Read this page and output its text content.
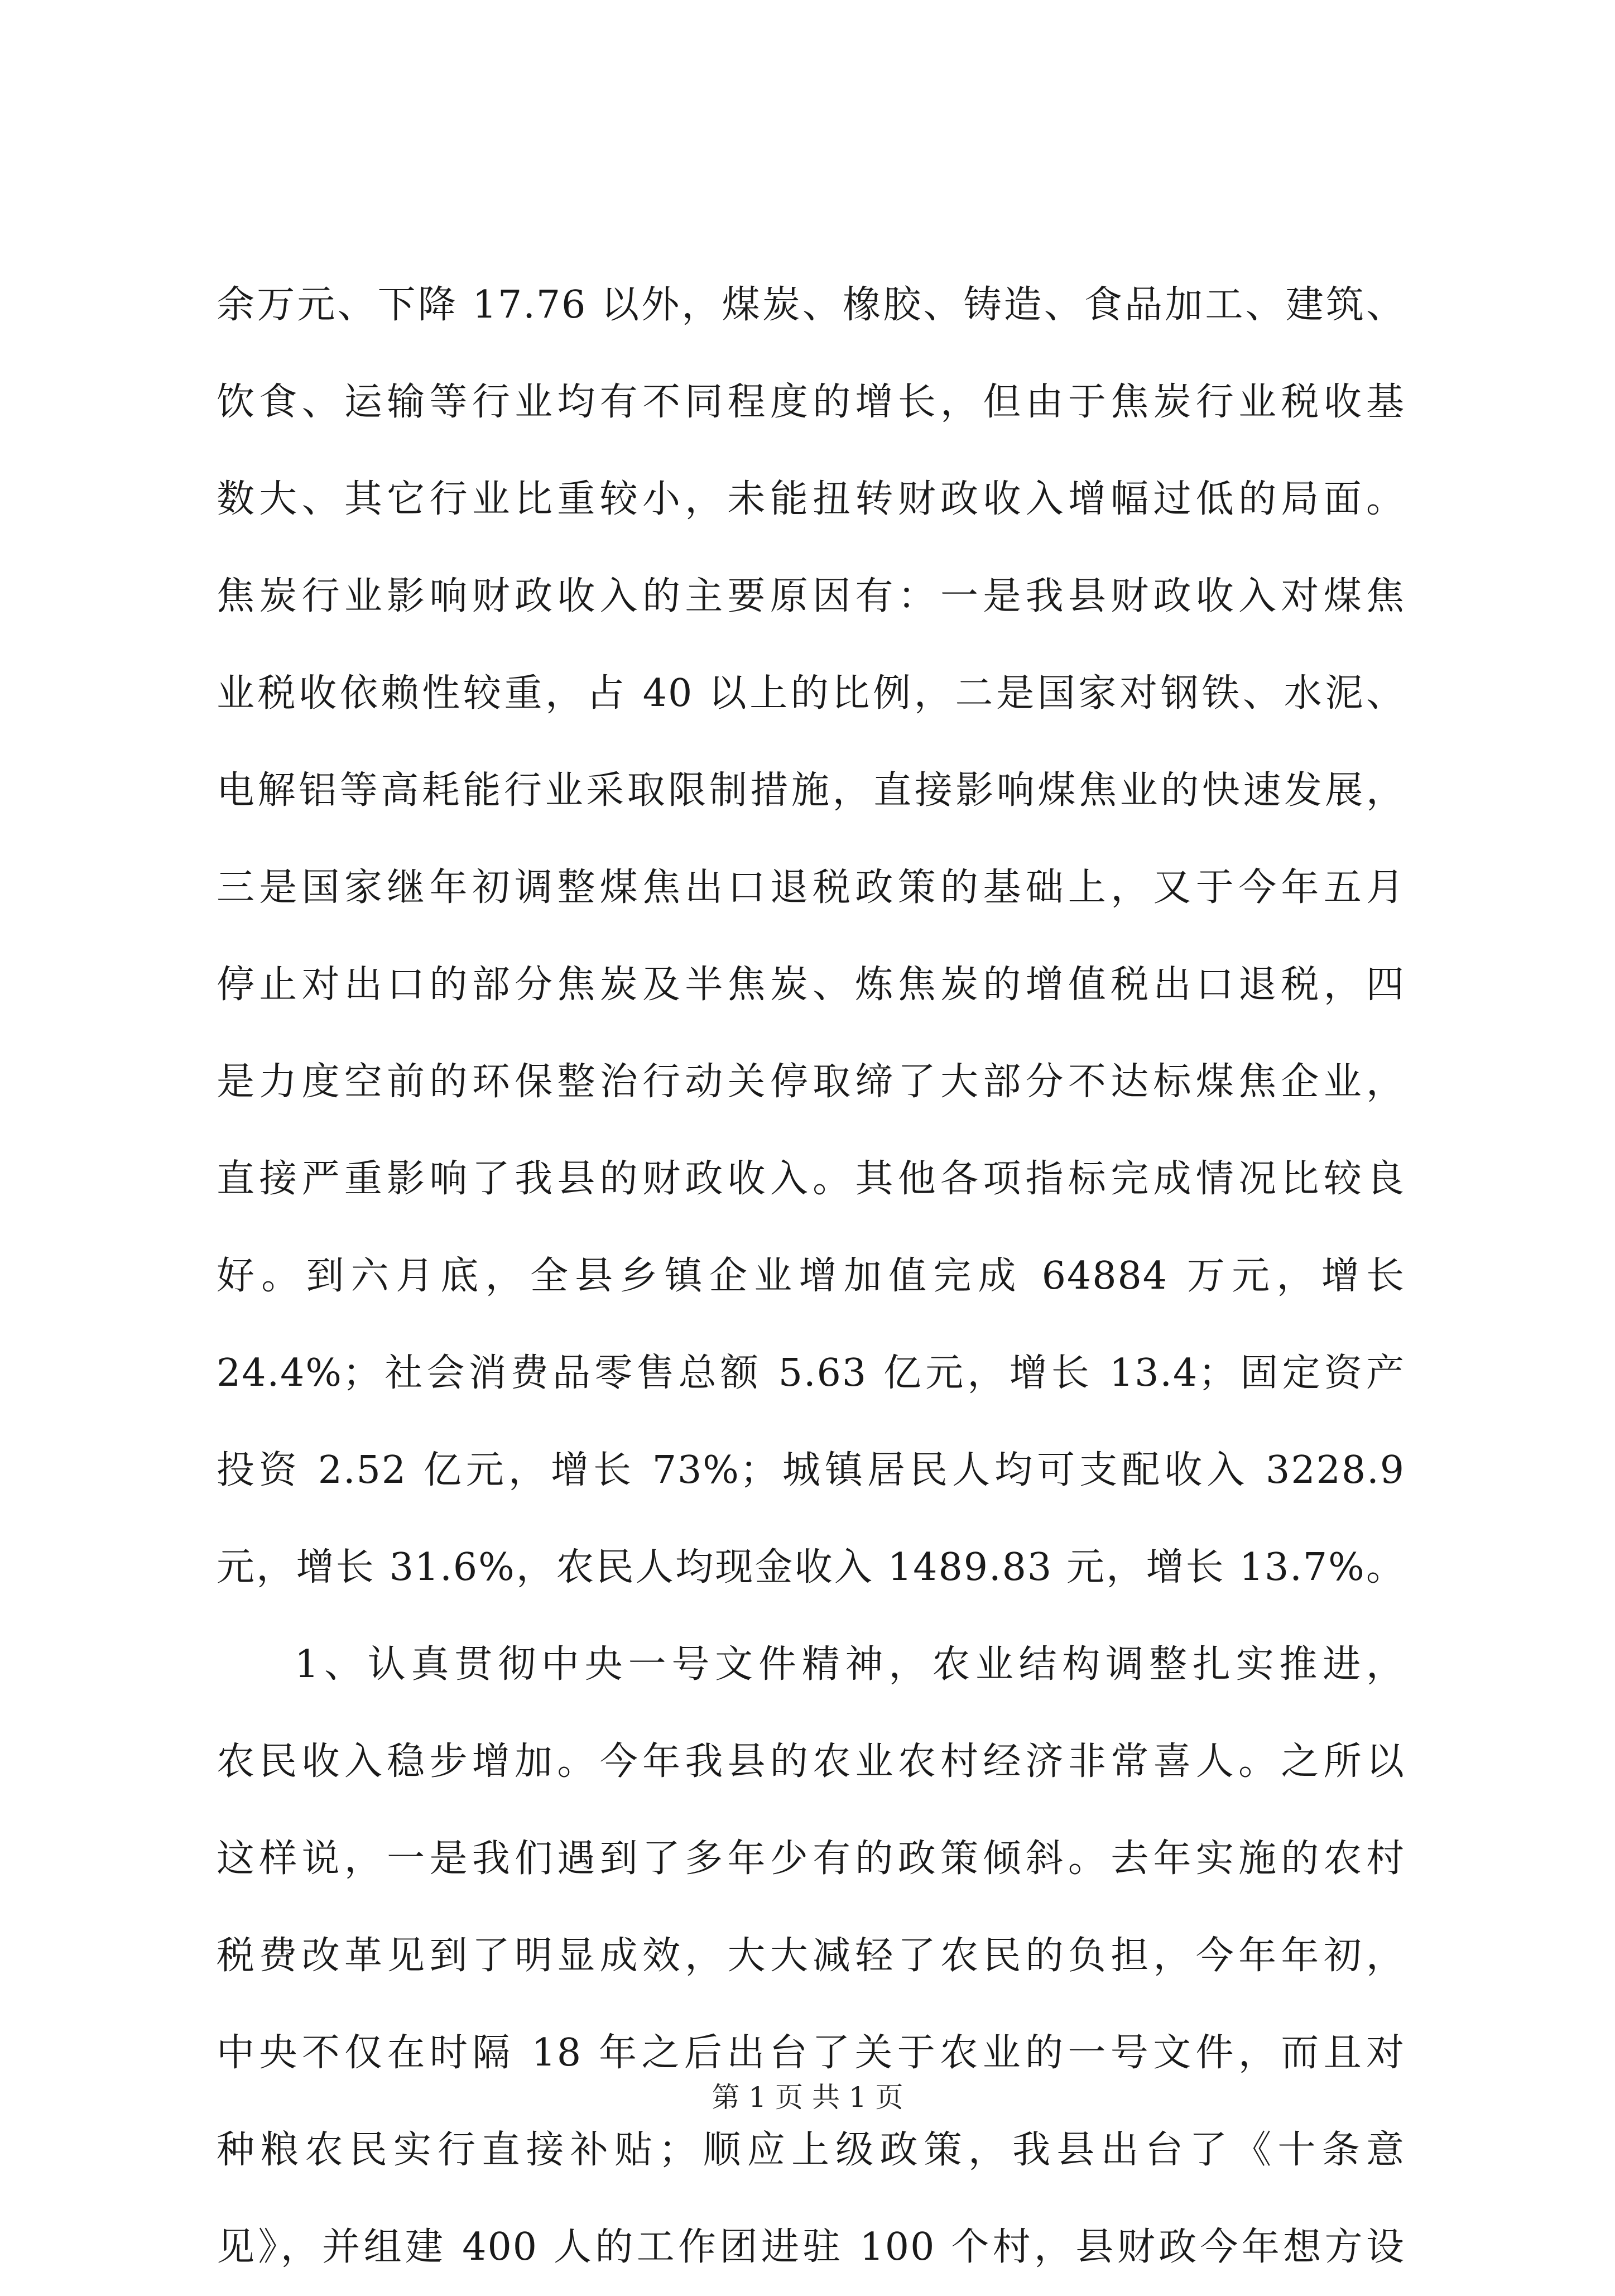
余万元、下降 17.76 以外，煤炭、橡胶、铸造、食品加工、建筑、
饮食、运输等行业均有不同程度的增长，但由于焦炭行业税收基
数大、其它行业比重较小，未能扭转财政收入增幅过低的局面。
焦炭行业影响财政收入的主要原因有：一是我县财政收入对煤焦
业税收依赖性较重，占 40 以上的比例，二是国家对钢铁、水泥、
电解铝等高耗能行业采取限制措施，直接影响煤焦业的快速发展，
三是国家继年初调整煤焦出口退税政策的基础上，又于今年五月
停止对出口的部分焦炭及半焦炭、炼焦炭的增值税出口退税，四
是力度空前的环保整治行动关停取缔了大部分不达标煤焦企业，
直接严重影响了我县的财政收入。其他各项指标完成情况比较良
好。到六月底，全县乡镇企业增加值完成 64884 万元，增长
24.4%；社会消费品零售总额 5.63 亿元，增长 13.4；固定资产
投资 2.52 亿元，增长 73%；城镇居民人均可支配收入 3228.9
元，增长 31.6%，农民人均现金收入 1489.83 元，增长 13.7%。
1、认真贯彻中央一号文件精神，农业结构调整扎实推进，
农民收入稳步增加。今年我县的农业农村经济非常喜人。之所以
这样说，一是我们遇到了多年少有的政策倾斜。去年实施的农村
税费改革见到了明显成效，大大减轻了农民的负担，今年年初，
中央不仅在时隔 18 年之后出台了关于农业的一号文件，而且对
种粮农民实行直接补贴；顺应上级政策，我县出台了《十条意
见》，并组建 400 人的工作团进驻 100 个村，县财政今年想方设
第 1 页 共 1 页
